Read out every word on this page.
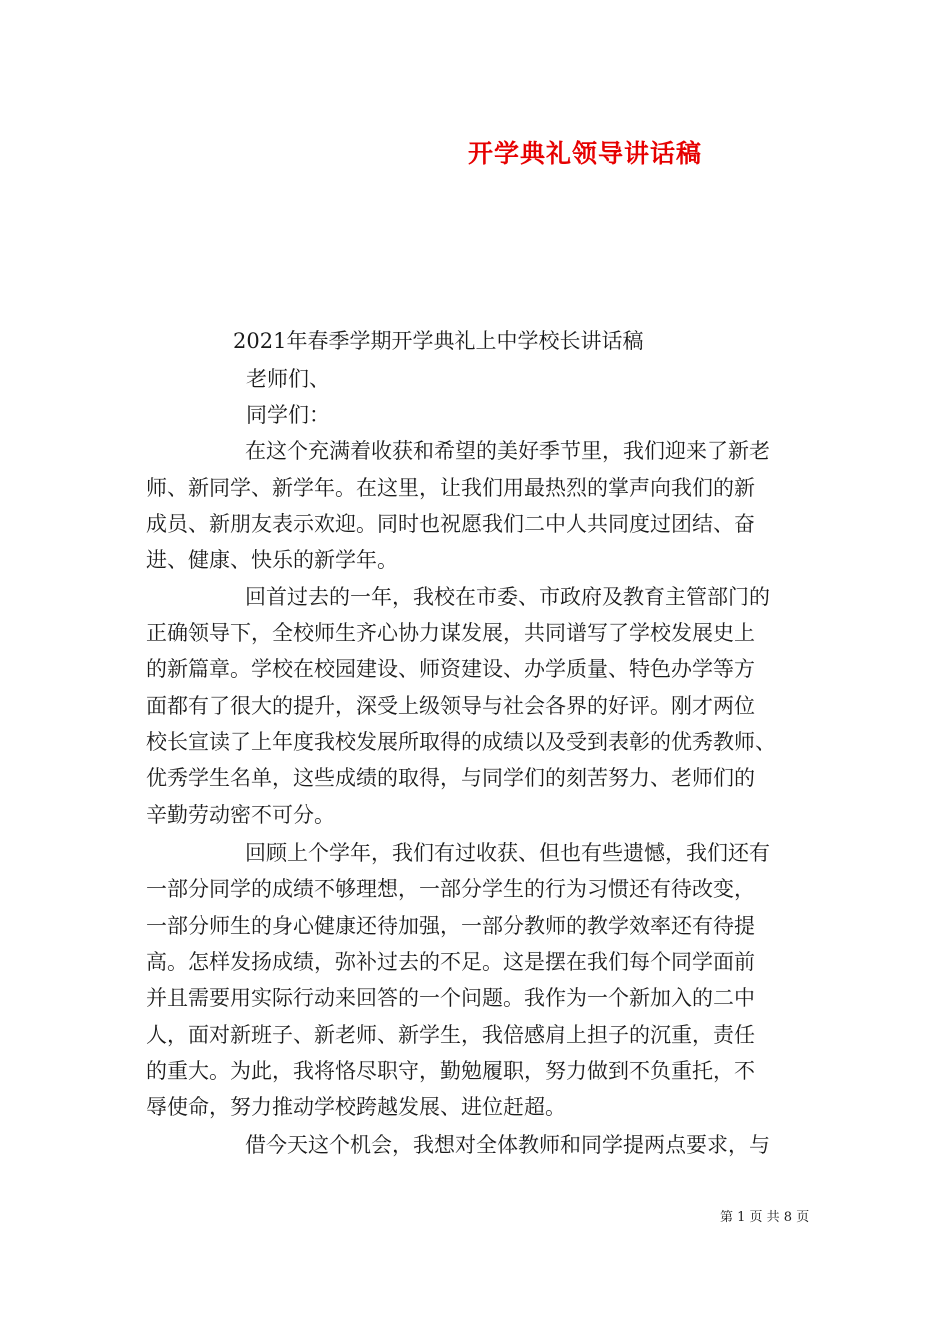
开学典礼领导讲话稿
2021年春季学期开学典礼上中学校长讲话稿
老师们、
同学们：
在这个充满着收获和希望的美好季节里，我们迎来了新老
师、新同学、新学年。在这里，让我们用最热烈的掌声向我们的新
成员、新朋友表示欢迎。同时也祝愿我们二中人共同度过团结、奋
进、健康、快乐的新学年。
回首过去的一年，我校在市委、市政府及教育主管部门的
正确领导下，全校师生齐心协力谋发展，共同谱写了学校发展史上
的新篇章。学校在校园建设、师资建设、办学质量、特色办学等方
面都有了很大的提升，深受上级领导与社会各界的好评。刚才两位
校长宣读了上年度我校发展所取得的成绩以及受到表彰的优秀教师、
优秀学生名单，这些成绩的取得，与同学们的刻苦努力、老师们的
辛勤劳动密不可分。
回顾上个学年，我们有过收获、但也有些遗憾，我们还有
一部分同学的成绩不够理想，一部分学生的行为习惯还有待改变，
一部分师生的身心健康还待加强，一部分教师的教学效率还有待提
高。怎样发扬成绩，弥补过去的不足。这是摆在我们每个同学面前
并且需要用实际行动来回答的一个问题。我作为一个新加入的二中
人，面对新班子、新老师、新学生，我倍感肩上担子的沉重，责任
的重大。为此，我将恪尽职守，勤勉履职，努力做到不负重托，不
辱使命，努力推动学校跨越发展、进位赶超。
借今天这个机会，我想对全体教师和同学提两点要求，与
第 1 页 共 8 页
